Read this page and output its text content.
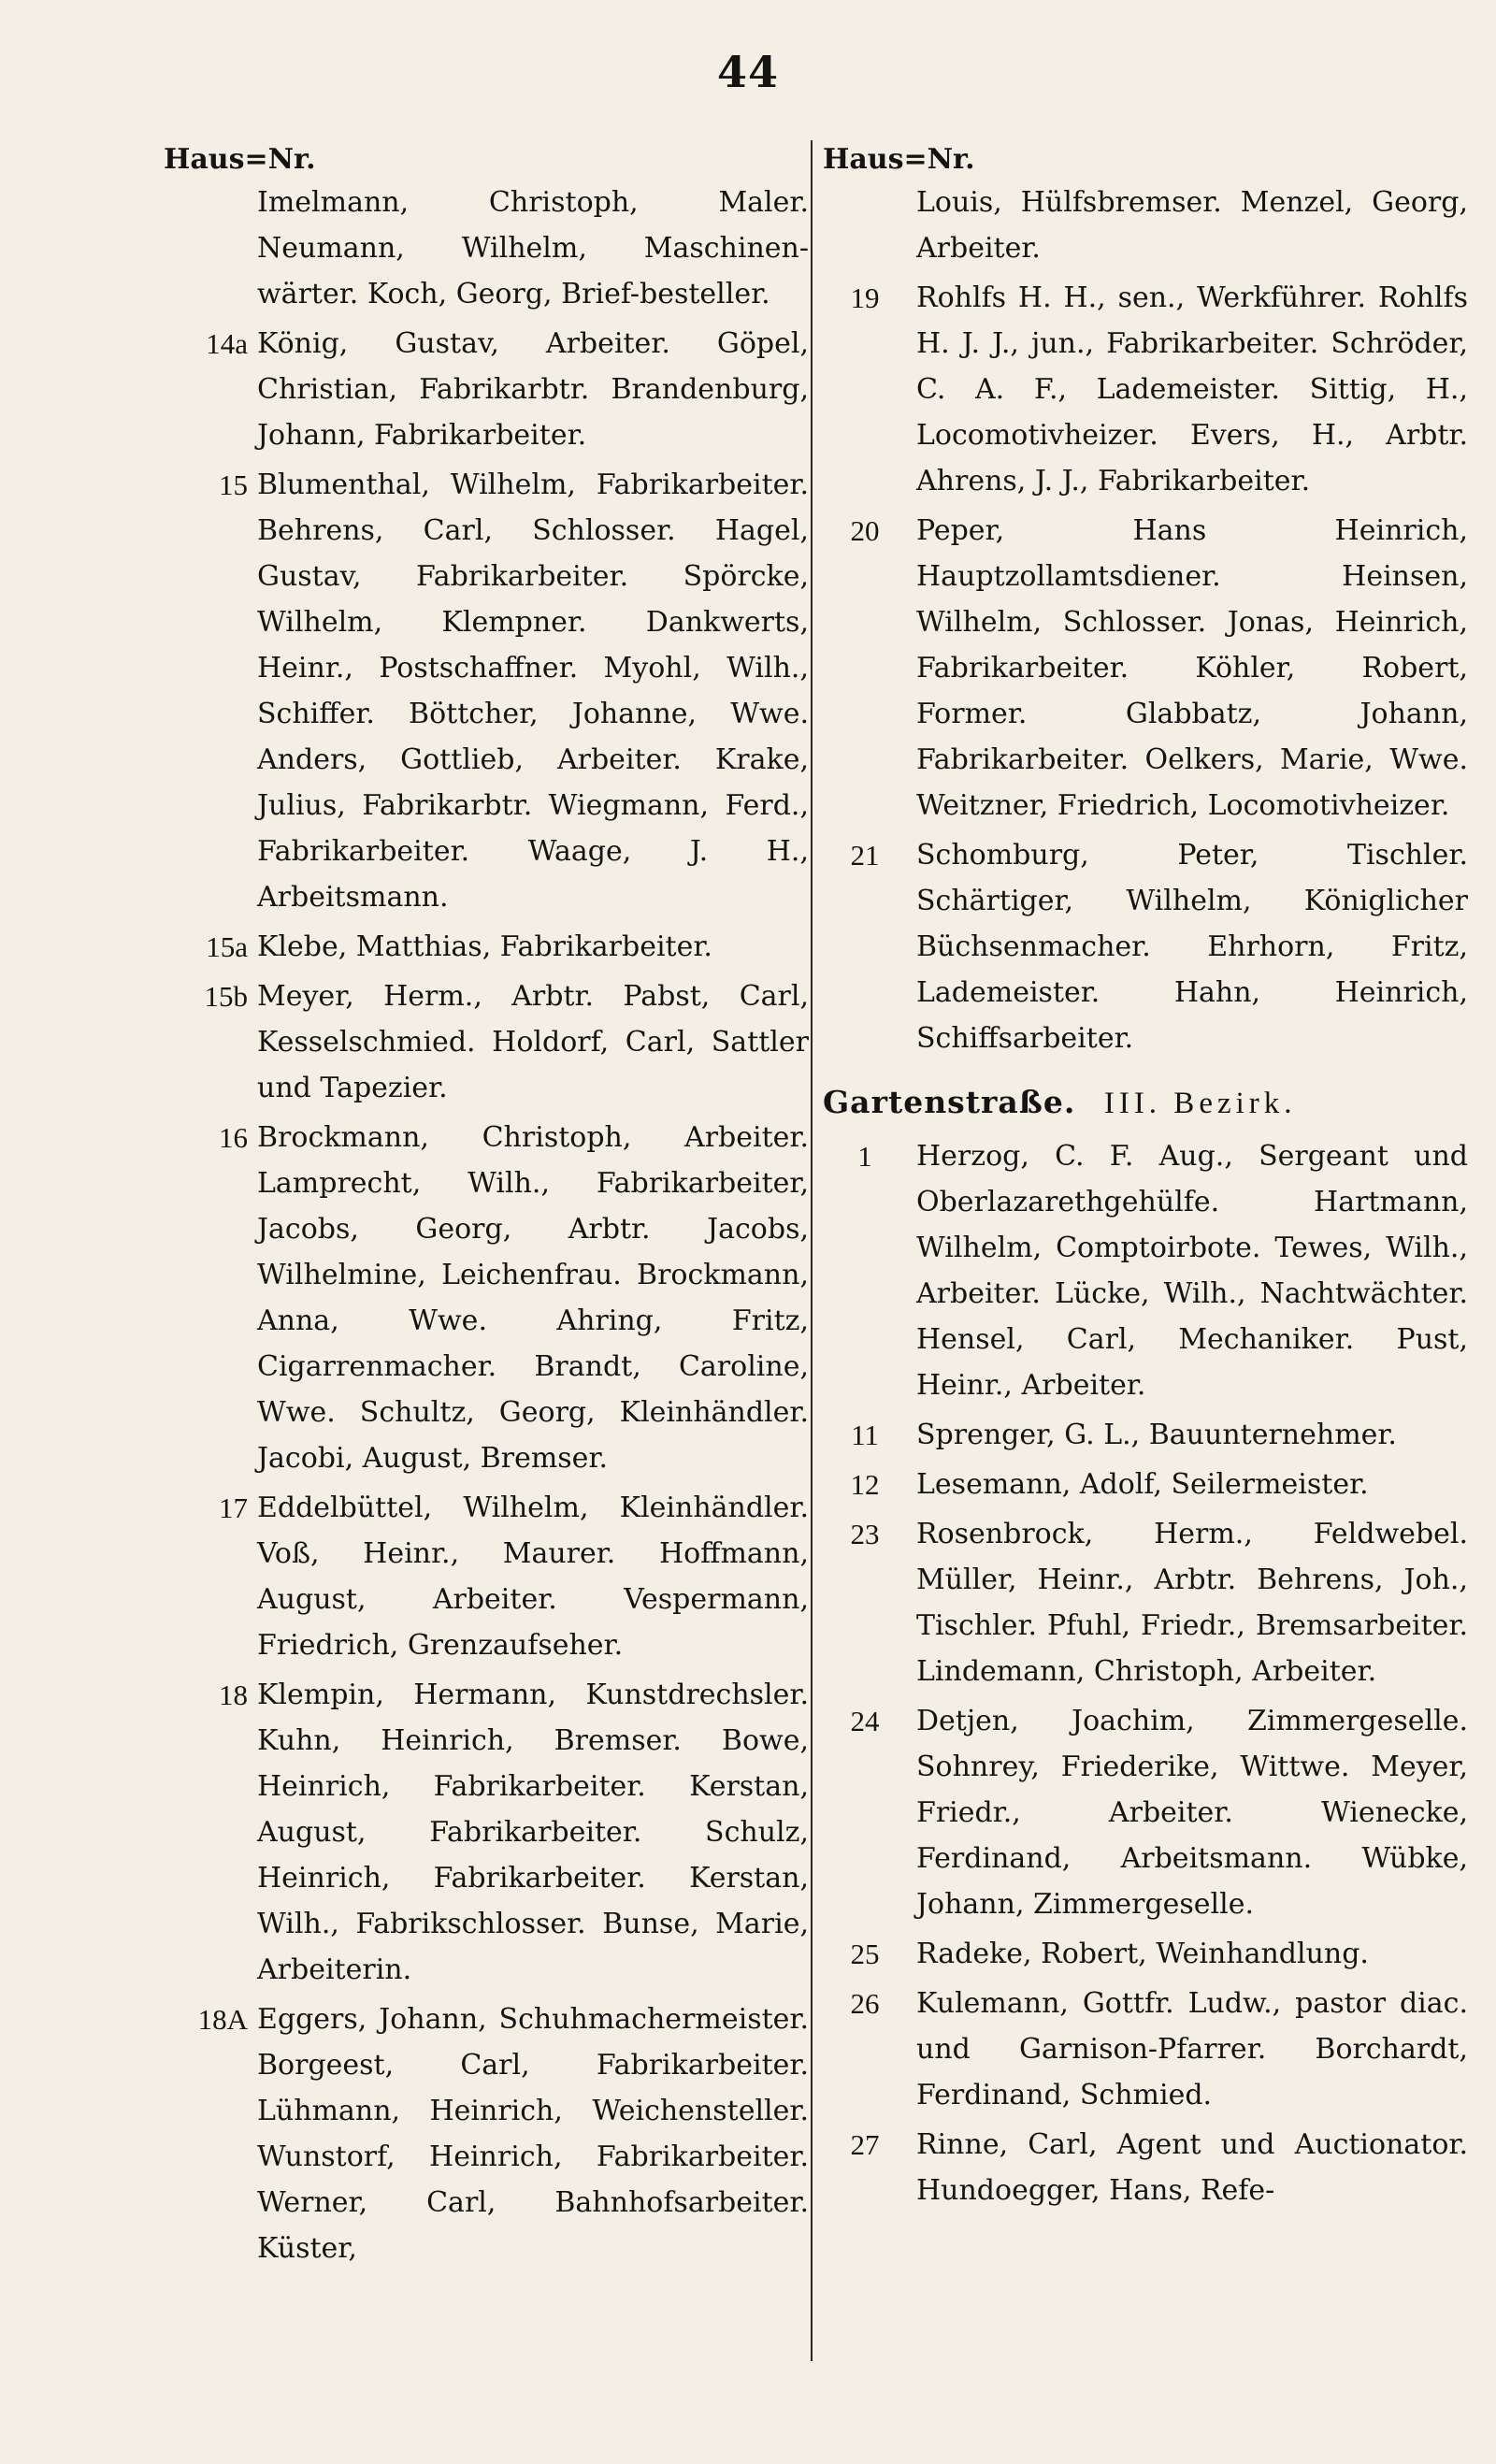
44
Haus=Nr.
Imelmann, Christoph, Maler. Neumann, Wilhelm, Maschinen-wärter. Koch, Georg, Brief-besteller.
14a König, Gustav, Arbeiter. Göpel, Christian, Fabrikarbtr. Brandenburg, Johann, Fabrikarbeiter.
15 Blumenthal, Wilhelm, Fabrikarbeiter. Behrens, Carl, Schlosser. Hagel, Gustav, Fabrikarbeiter. Spörcke, Wilhelm, Klempner. Dankwerts, Heinr., Postschaffner. Myohl, Wilh., Schiffer. Böttcher, Johanne, Wwe. Anders, Gottlieb, Arbeiter. Krake, Julius, Fabrikarbtr. Wiegmann, Ferd., Fabrikarbeiter. Waage, J. H., Arbeitsmann.
15a Klebe, Matthias, Fabrikarbeiter.
15b Meyer, Herm., Arbtr. Pabst, Carl, Kesselschmied. Holdorf, Carl, Sattler und Tapezier.
16 Brockmann, Christoph, Arbeiter. Lamprecht, Wilh., Fabrikarbeiter, Jacobs, Georg, Arbtr. Jacobs, Wilhelmine, Leichenfrau. Brockmann, Anna, Wwe. Ahring, Fritz, Cigarrenmacher. Brandt, Caroline, Wwe. Schultz, Georg, Kleinhändler. Jacobi, August, Bremser.
17 Eddelbüttel, Wilhelm, Kleinhändler. Voß, Heinr., Maurer. Hoffmann, August, Arbeiter. Vespermann, Friedrich, Grenzaufseher.
18 Klempin, Hermann, Kunstdrechsler. Kuhn, Heinrich, Bremser. Bowe, Heinrich, Fabrikarbeiter. Kerstan, August, Fabrikarbeiter. Schulz, Heinrich, Fabrikarbeiter. Kerstan, Wilh., Fabrikschlosser. Bunse, Marie, Arbeiterin.
18A Eggers, Johann, Schuhmachermeister. Borgeest, Carl, Fabrikarbeiter. Lühmann, Heinrich, Weichensteller. Wunstorf, Heinrich, Fabrikarbeiter. Werner, Carl, Bahnhofsarbeiter. Küster,
Haus=Nr.
Louis, Hülfsbremser. Menzel, Georg, Arbeiter.
19	Rohlfs H. H., sen., Werkführer. Rohlfs H. J. J., jun., Fabrikarbeiter. Schröder, C. A. F., Lademeister. Sittig, H., Locomotivheizer. Evers, H., Arbtr. Ahrens, J. J., Fabrikarbeiter.
20	Peper, Hans Heinrich, Hauptzollamtsdiener. Heinsen, Wilhelm, Schlosser. Jonas, Heinrich, Fabrikarbeiter. Köhler, Robert, Former. Glabbatz, Johann, Fabrikarbeiter. Oelkers, Marie, Wwe. Weitzner, Friedrich, Locomotivheizer.
21	Schomburg, Peter, Tischler. Schärtiger, Wilhelm, Königlicher Büchsenmacher. Ehrhorn, Fritz, Lademeister. Hahn, Heinrich, Schiffsarbeiter.
Gartenstraße. III. Bezirk.
1	Herzog, C. F. Aug., Sergeant und Oberlazarethgehülfe. Hartmann, Wilhelm, Comptoirbote. Tewes, Wilh., Arbeiter. Lücke, Wilh., Nachtwächter. Hensel, Carl, Mechaniker. Pust, Heinr., Arbeiter.
11	Sprenger, G. L., Bauunternehmer.
12	Lesemann, Adolf, Seilermeister.
23	Rosenbrock, Herm., Feldwebel. Müller, Heinr., Arbtr. Behrens, Joh., Tischler. Pfuhl, Friedr., Bremsarbeiter. Lindemann, Christoph, Arbeiter.
24	Detjen, Joachim, Zimmergeselle. Sohnrey, Friederike, Wittwe. Meyer, Friedr., Arbeiter. Wienecke, Ferdinand, Arbeitsmann. Wübke, Johann, Zimmergeselle.
25	Radeke, Robert, Weinhandlung.
26	Kulemann, Gottfr. Ludw., pastor diac. und Garnison-Pfarrer. Borchardt, Ferdinand, Schmied.
27	Rinne, Carl, Agent und Auctionator. Hundoegger, Hans, Refe-
